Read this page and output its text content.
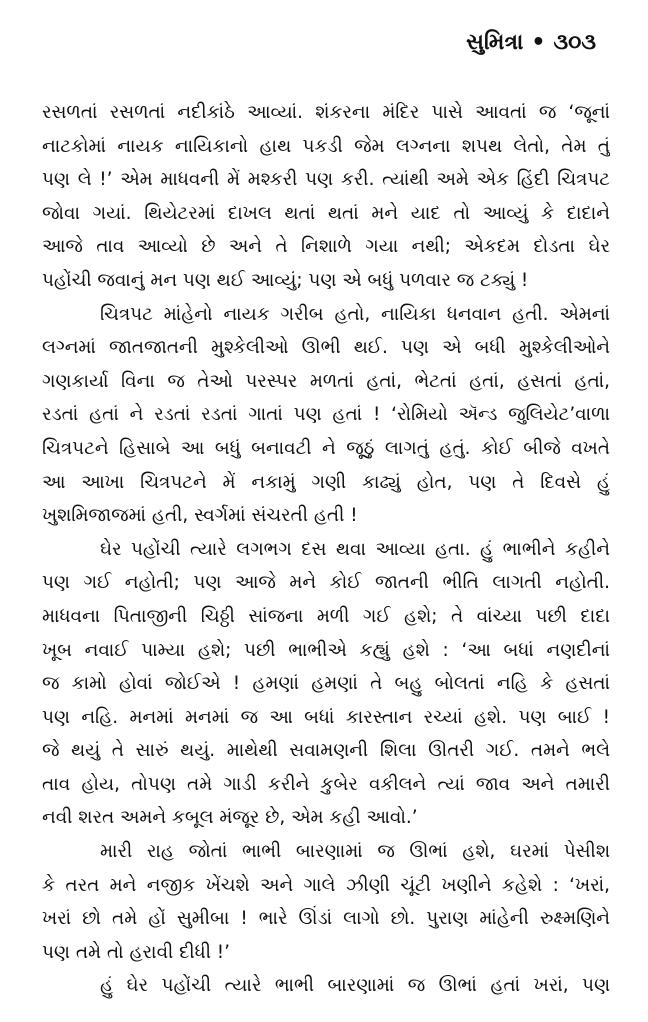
સુમિત્રા • ૩૦૩
રસળતાં રસળતાં નદીકાંઠે આવ્યાં. શંકરના મંદિર પાસે આવતાં જ ‘જૂનાં
નાટકોમાં નાયક નાયિકાનો હાથ પકડી જેમ લગ્નના શપથ લેતો, તેમ તું
પણ લે !’ એમ માધવની મેં મશ્કરી પણ કરી. ત્યાંથી અમે એક હિંદી ચિત્રપટ
જોવા ગયાં. થિયેટરમાં દાખલ થતાં થતાં મને યાદ તો આવ્યું કે દાદાને
આજે તાવ આવ્યો છે અને તે નિશાળે ગયા નથી; એકદમ દોડતા ઘેર
પહોંચી જવાનું મન પણ થઈ આવ્યું; પણ એ બધું પળવાર જ ટક્યું !
ચિત્રપટ માંહેનો નાયક ગરીબ હતો, નાયિકા ધનવાન હતી. એમનાં
લગ્નમાં જાતજાતની મુશ્કેલીઓ ઊભી થઈ. પણ એ બધી મુશ્કેલીઓને
ગણકાર્યા વિના જ તેઓ પરસ્પર મળતાં હતાં, ભેટતાં હતાં, હસતાં હતાં,
રડતાં હતાં ને રડતાં રડતાં ગાતાં પણ હતાં ! ‘રોમિયો ઍન્ડ જુલિયેટ’વાળા
ચિત્રપટને હિસાબે આ બધું બનાવટી ને જૂઠું લાગતું હતું. કોઈ બીજે વખતે
આ આખા ચિત્રપટને મેં નકામું ગણી કાઢ્યું હોત, પણ તે દિવસે હું
ખુશમિજાજમાં હતી, સ્વર્ગમાં સંચરતી હતી !
ઘેર પહોંચી ત્યારે લગભગ દસ થવા આવ્યા હતા. હું ભાભીને કહીને
પણ ગઈ નહોતી; પણ આજે મને કોઈ જાતની ભીતિ લાગતી નહોતી.
માધવના પિતાજીની ચિઠ્ઠી સાંજના મળી ગઈ હશે; તે વાંચ્યા પછી દાદા
ખૂબ નવાઈ પામ્યા હશે; પછી ભાભીએ કહ્યું હશે : ‘આ બધાં નણદીનાં
જ કામો હોવાં જોઈએ ! હમણાં હમણાં તે બહુ બોલતાં નહિ કે હસતાં
પણ નહિ. મનમાં મનમાં જ આ બધાં કારસ્તાન રચ્યાં હશે. પણ બાઈ !
જે થયું તે સારું થયું. માથેથી સવામણની શિલા ઊતરી ગઈ. તમને ભલે
તાવ હોય, તોપણ તમે ગાડી કરીને કુબેર વકીલને ત્યાં જાવ અને તમારી
નવી શરત અમને કબૂલ મંજૂર છે, એમ કહી આવો.’
મારી રાહ જોતાં ભાભી બારણામાં જ ઊભાં હશે, ઘરમાં પેસીશ
કે તરત મને નજીક ખેંચશે અને ગાલે ઝીણી ચૂંટી ખણીને કહેશે : ‘ખરાં,
ખરાં છો તમે હોં સુમીબા ! ભારે ઊંડાં લાગો છો. પુરાણ માંહેની રુક્ષ્મણિને
પણ તમે તો હરાવી દીધી !’
હું ઘેર પહોંચી ત્યારે ભાભી બારણામાં જ ઊભાં હતાં ખરાં, પણ
